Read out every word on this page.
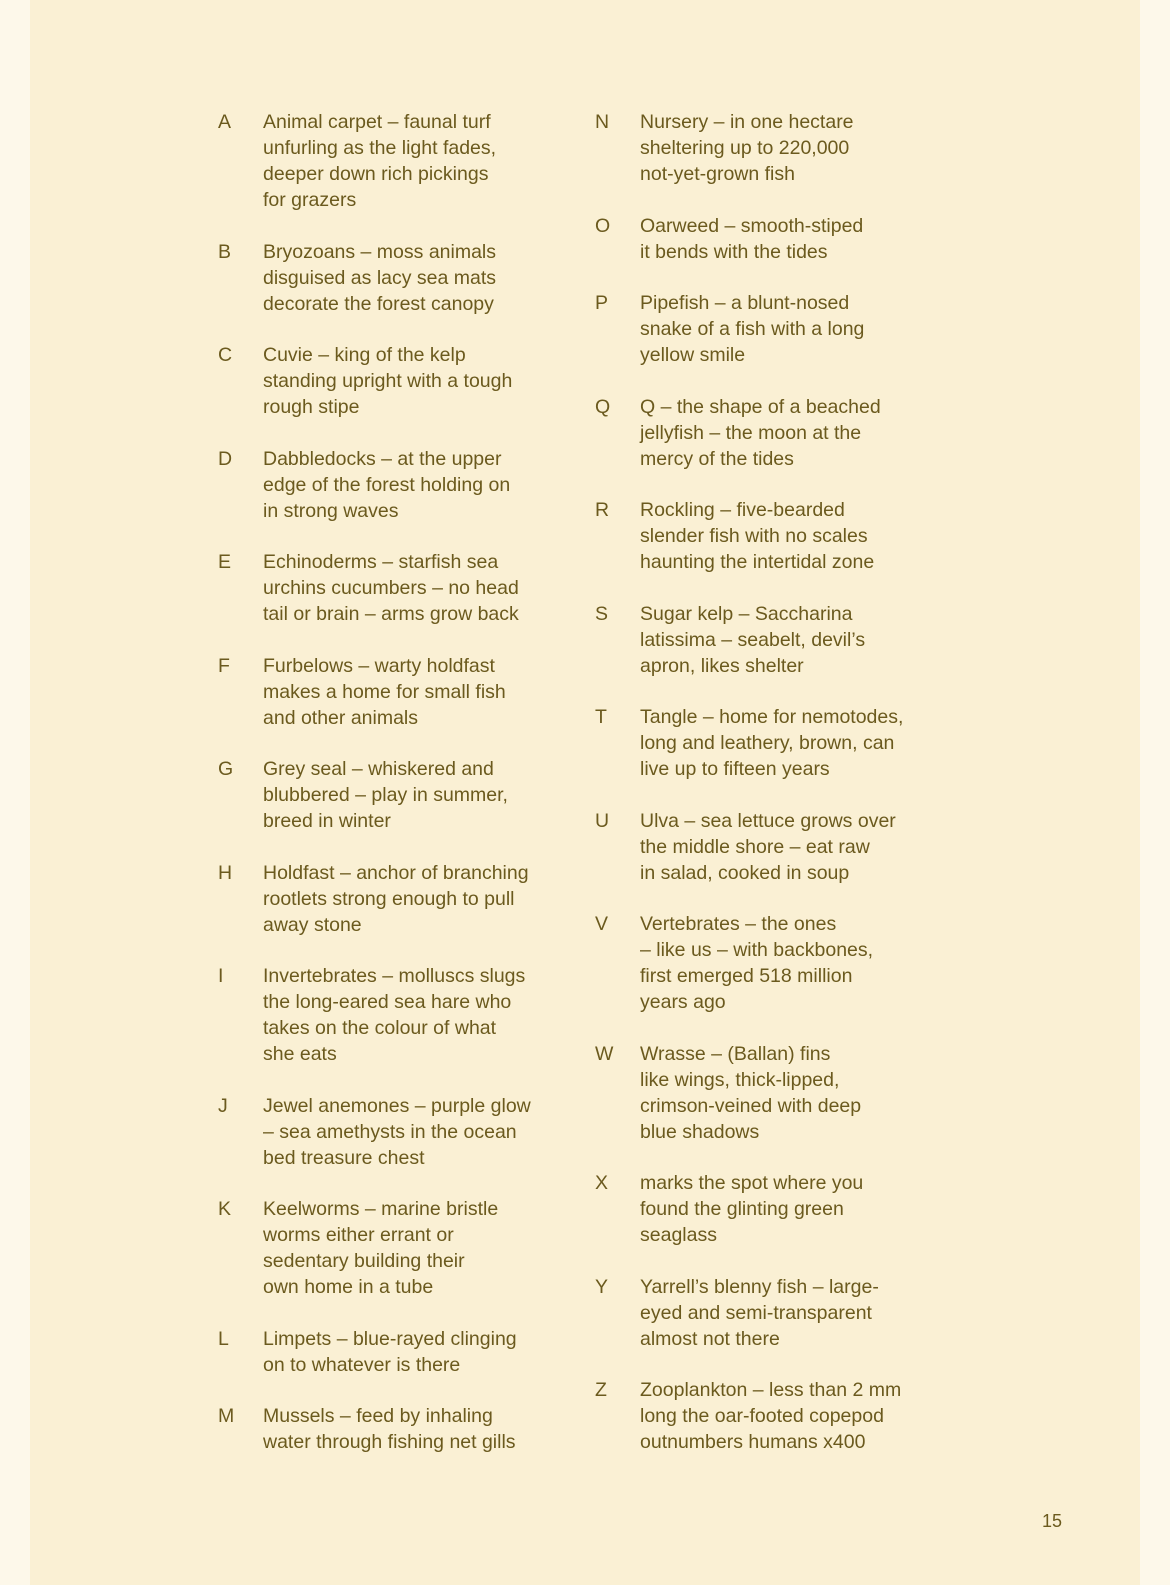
A	Animal carpet – faunal turf
unfurling as the light fades,
deeper down rich pickings
for grazers
B	Bryozoans – moss animals
disguised as lacy sea mats
decorate the forest canopy
C	Cuvie – king of the kelp
standing upright with a tough
rough stipe
D	Dabbledocks – at the upper
edge of the forest holding on
in strong waves
E	Echinoderms – starfish sea
urchins cucumbers – no head
tail or brain – arms grow back
F	Furbelows – warty holdfast
makes a home for small fish
and other animals
G	Grey seal – whiskered and
blubbered – play in summer,
breed in winter
H	Holdfast – anchor of branching
rootlets strong enough to pull
away stone
I	Invertebrates – molluscs slugs
the long-eared sea hare who
takes on the colour of what
she eats
J	Jewel anemones – purple glow
– sea amethysts in the ocean
bed treasure chest
K	Keelworms – marine bristle
worms either errant or
sedentary building their
own home in a tube
L	Limpets – blue-rayed clinging
on to whatever is there
M	Mussels – feed by inhaling
water through fishing net gills
N	Nursery – in one hectare
sheltering up to 220,000
not-yet-grown fish
O	Oarweed – smooth-stiped
it bends with the tides
P	Pipefish – a blunt-nosed
snake of a fish with a long
yellow smile
Q	Q – the shape of a beached
jellyfish – the moon at the
mercy of the tides
R	Rockling – five-bearded
slender fish with no scales
haunting the intertidal zone
S	Sugar kelp – Saccharina
latissima – seabelt, devil’s
apron, likes shelter
T	Tangle – home for nemotodes,
long and leathery, brown, can
live up to fifteen years
U	Ulva – sea lettuce grows over
the middle shore – eat raw
in salad, cooked in soup
V	Vertebrates – the ones
– like us – with backbones,
first emerged 518 million
years ago
W	Wrasse – (Ballan) fins
like wings, thick-lipped,
crimson-veined with deep
blue shadows
X	marks the spot where you
found the glinting green
seaglass
Y	Yarrell’s blenny fish – large-
eyed and semi-transparent
almost not there
Z	Zooplankton – less than 2 mm
long the oar-footed copepod
outnumbers humans x400
15
